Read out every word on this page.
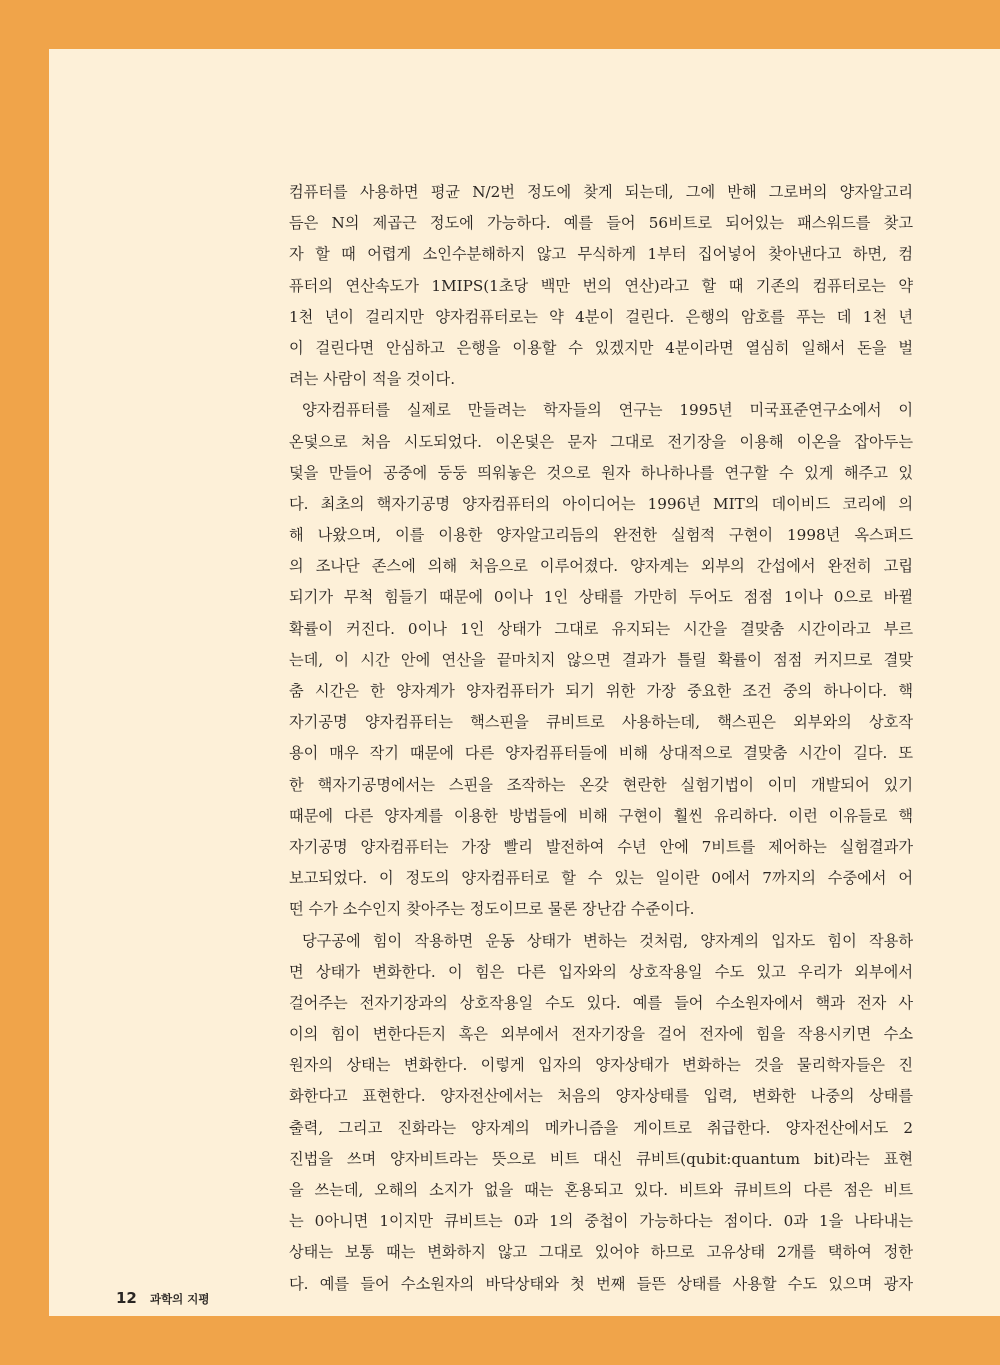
컴퓨터를 사용하면 평균 N/2번 정도에 찾게 되는데, 그에 반해 그로버의 양자알고리
듬은 N의 제곱근 정도에 가능하다. 예를 들어 56비트로 되어있는 패스워드를 찾고
자 할 때 어렵게 소인수분해하지 않고 무식하게 1부터 집어넣어 찾아낸다고 하면, 컴
퓨터의 연산속도가 1MIPS(1초당 백만 번의 연산)라고 할 때 기존의 컴퓨터로는 약
1천 년이 걸리지만 양자컴퓨터로는 약 4분이 걸린다. 은행의 암호를 푸는 데 1천 년
이 걸린다면 안심하고 은행을 이용할 수 있겠지만 4분이라면 열심히 일해서 돈을 벌
려는 사람이 적을 것이다.
양자컴퓨터를 실제로 만들려는 학자들의 연구는 1995년 미국표준연구소에서 이
온덫으로 처음 시도되었다. 이온덫은 문자 그대로 전기장을 이용해 이온을 잡아두는
덫을 만들어 공중에 둥둥 띄워놓은 것으로 원자 하나하나를 연구할 수 있게 해주고 있
다. 최초의 핵자기공명 양자컴퓨터의 아이디어는 1996년 MIT의 데이비드 코리에 의
해 나왔으며, 이를 이용한 양자알고리듬의 완전한 실험적 구현이 1998년 옥스퍼드
의 조나단 존스에 의해 처음으로 이루어졌다. 양자계는 외부의 간섭에서 완전히 고립
되기가 무척 힘들기 때문에 0이나 1인 상태를 가만히 두어도 점점 1이나 0으로 바뀔
확률이 커진다. 0이나 1인 상태가 그대로 유지되는 시간을 결맞춤 시간이라고 부르
는데, 이 시간 안에 연산을 끝마치지 않으면 결과가 틀릴 확률이 점점 커지므로 결맞
춤 시간은 한 양자계가 양자컴퓨터가 되기 위한 가장 중요한 조건 중의 하나이다. 핵
자기공명 양자컴퓨터는 핵스핀을 큐비트로 사용하는데, 핵스핀은 외부와의 상호작
용이 매우 작기 때문에 다른 양자컴퓨터들에 비해 상대적으로 결맞춤 시간이 길다. 또
한 핵자기공명에서는 스핀을 조작하는 온갖 현란한 실험기법이 이미 개발되어 있기
때문에 다른 양자계를 이용한 방법들에 비해 구현이 훨씬 유리하다. 이런 이유들로 핵
자기공명 양자컴퓨터는 가장 빨리 발전하여 수년 안에 7비트를 제어하는 실험결과가
보고되었다. 이 정도의 양자컴퓨터로 할 수 있는 일이란 0에서 7까지의 수중에서 어
떤 수가 소수인지 찾아주는 정도이므로 물론 장난감 수준이다.
당구공에 힘이 작용하면 운동 상태가 변하는 것처럼, 양자계의 입자도 힘이 작용하
면 상태가 변화한다. 이 힘은 다른 입자와의 상호작용일 수도 있고 우리가 외부에서
걸어주는 전자기장과의 상호작용일 수도 있다. 예를 들어 수소원자에서 핵과 전자 사
이의 힘이 변한다든지 혹은 외부에서 전자기장을 걸어 전자에 힘을 작용시키면 수소
원자의 상태는 변화한다. 이렇게 입자의 양자상태가 변화하는 것을 물리학자들은 진
화한다고 표현한다. 양자전산에서는 처음의 양자상태를 입력, 변화한 나중의 상태를
출력, 그리고 진화라는 양자계의 메카니즘을 게이트로 취급한다. 양자전산에서도 2
진법을 쓰며 양자비트라는 뜻으로 비트 대신 큐비트(qubit:quantum bit)라는 표현
을 쓰는데, 오해의 소지가 없을 때는 혼용되고 있다. 비트와 큐비트의 다른 점은 비트
는 0아니면 1이지만 큐비트는 0과 1의 중첩이 가능하다는 점이다. 0과 1을 나타내는
상태는 보통 때는 변화하지 않고 그대로 있어야 하므로 고유상태 2개를 택하여 정한
다. 예를 들어 수소원자의 바닥상태와 첫 번째 들뜬 상태를 사용할 수도 있으며 광자
12 과학의 지평
